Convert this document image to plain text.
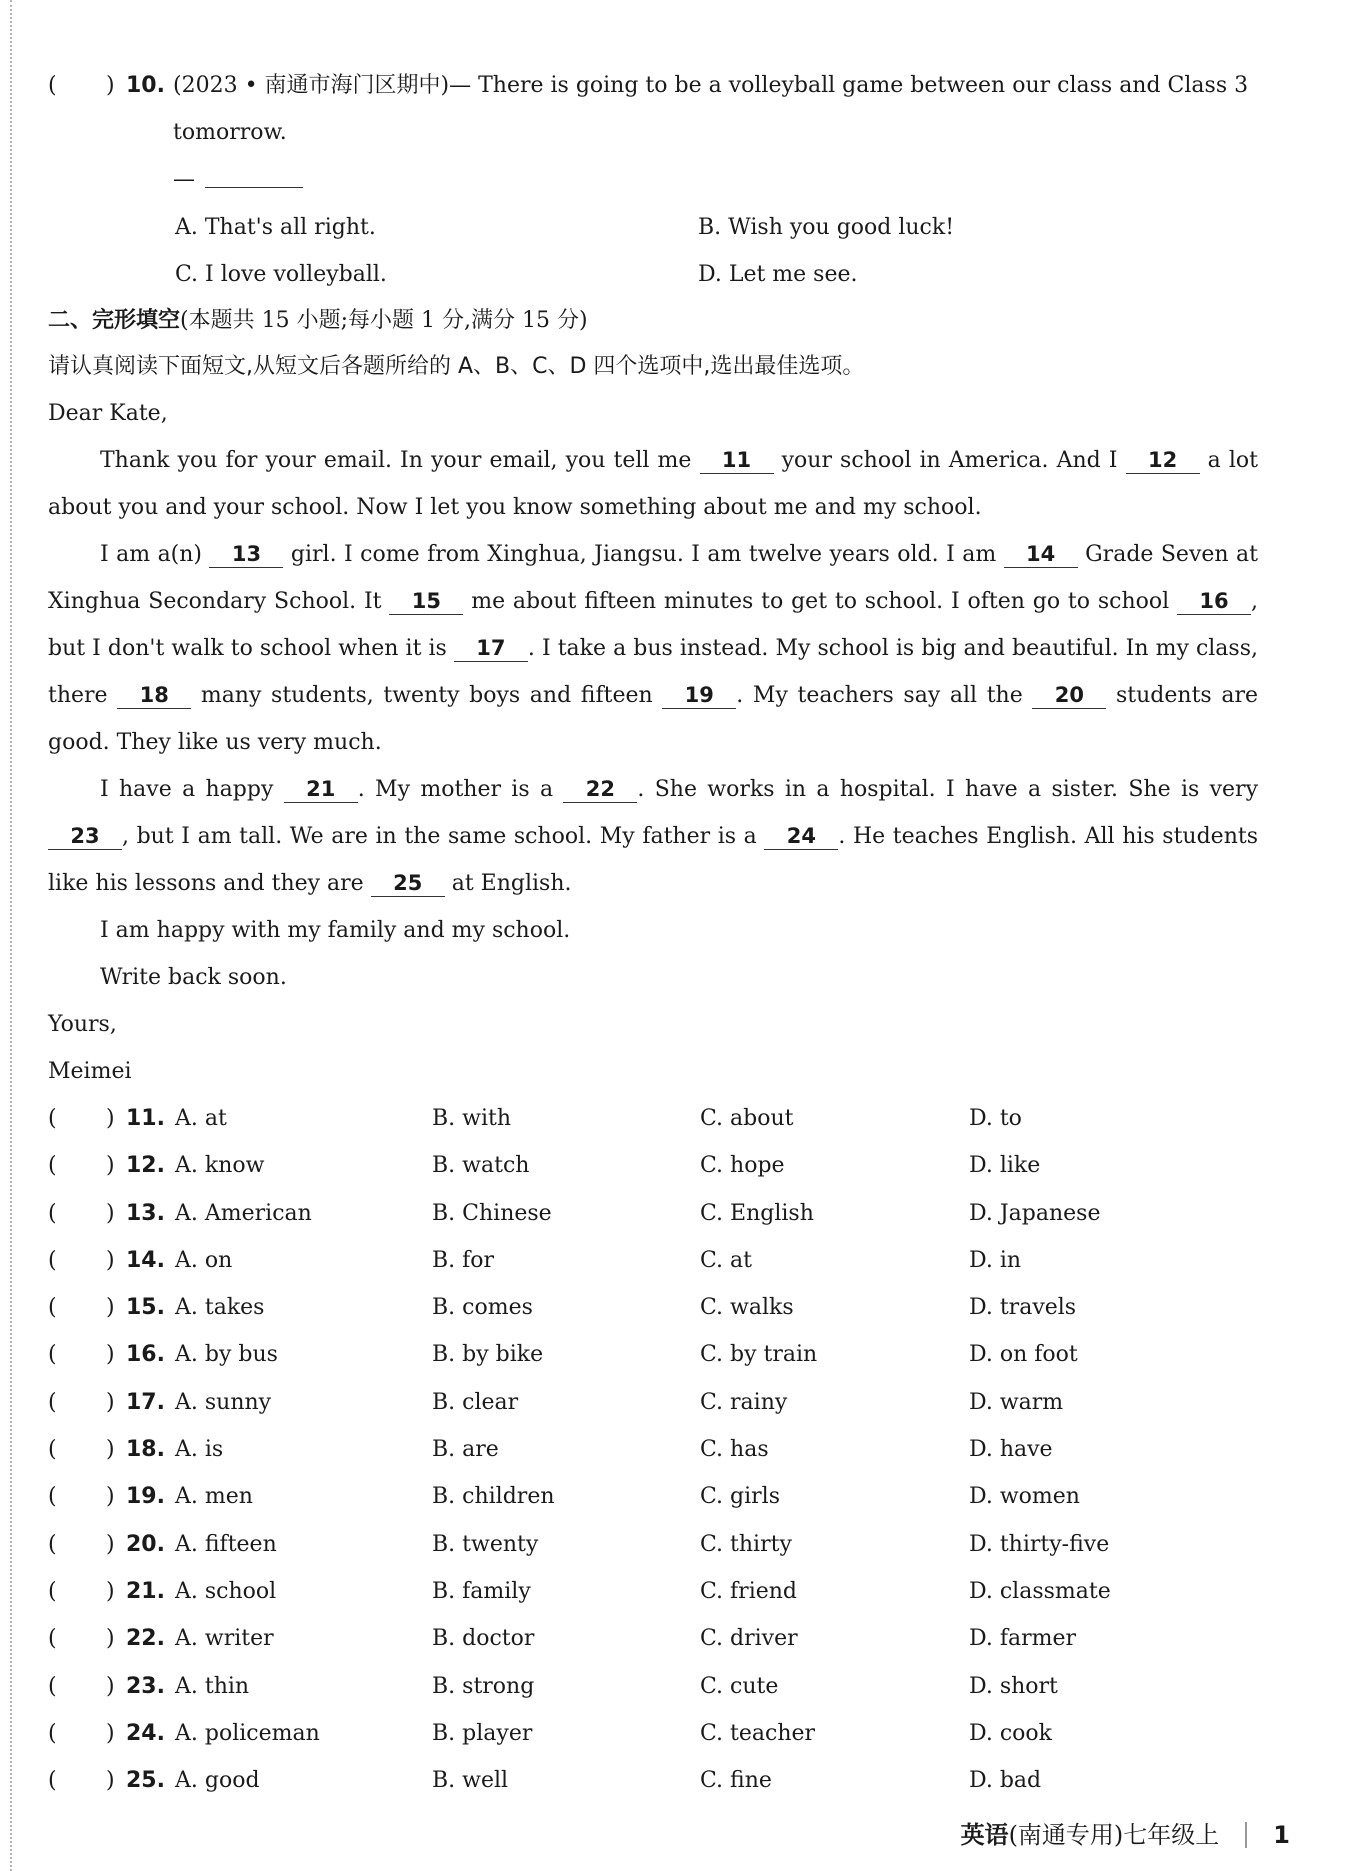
( ) 10. (2023 • 南通市海门区期中)— There is going to be a volleyball game between our class and Class 3
tomorrow.
—
A. That's all right.	B. Wish you good luck!
C. I love volleyball.	D. Let me see.
二、完形填空(本题共 15 小题;每小题 1 分,满分 15 分)
请认真阅读下面短文,从短文后各题所给的 A、B、C、D 四个选项中,选出最佳选项。

Dear Kate,

Thank you for your email. In your email, you tell me 11 your school in America. And I 12 a lot about you and your school. Now I let you know something about me and my school.

I am a(n) 13 girl. I come from Xinghua, Jiangsu. I am twelve years old. I am 14 Grade Seven at Xinghua Secondary School. It 15 me about fifteen minutes to get to school. I often go to school 16 , but I don't walk to school when it is 17 . I take a bus instead. My school is big and beautiful. In my class, there 18 many students, twenty boys and fifteen 19 . My teachers say all the 20 students are good. They like us very much.

I have a happy 21 . My mother is a 22 . She works in a hospital. I have a sister. She is very 23 , but I am tall. We are in the same school. My father is a 24 . He teaches English. All his students like his lessons and they are 25 at English.

I am happy with my family and my school.

Write back soon.

Yours,

Meimei

( ) 11. A. at	B. with	C. about	D. to
( ) 12. A. know	B. watch	C. hope	D. like
( ) 13. A. American	B. Chinese	C. English	D. Japanese
( ) 14. A. on	B. for	C. at	D. in
( ) 15. A. takes	B. comes	C. walks	D. travels
( ) 16. A. by bus	B. by bike	C. by train	D. on foot
( ) 17. A. sunny	B. clear	C. rainy	D. warm
( ) 18. A. is	B. are	C. has	D. have
( ) 19. A. men	B. children	C. girls	D. women
( ) 20. A. fifteen	B. twenty	C. thirty	D. thirty-five
( ) 21. A. school	B. family	C. friend	D. classmate
( ) 22. A. writer	B. doctor	C. driver	D. farmer
( ) 23. A. thin	B. strong	C. cute	D. short
( ) 24. A. policeman	B. player	C. teacher	D. cook
( ) 25. A. good	B. well	C. fine	D. bad
英语 (南通专用)七年级上 1
